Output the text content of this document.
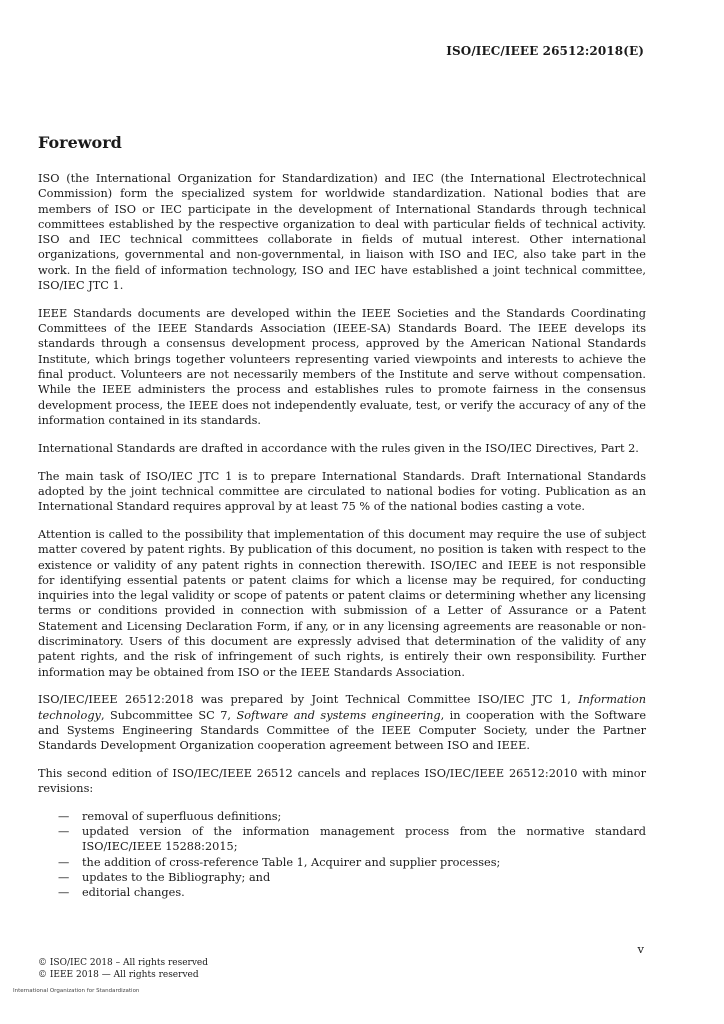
ISO/IEC/IEEE 26512:2018(E)
Foreword

ISO (the International Organization for Standardization) and IEC (the International Electrotechnical Commission) form the specialized system for worldwide standardization. National bodies that are members of ISO or IEC participate in the development of International Standards through technical committees established by the respective organization to deal with particular fields of technical activity. ISO and IEC technical committees collaborate in fields of mutual interest. Other international organizations, governmental and non-governmental, in liaison with ISO and IEC, also take part in the work. In the field of information technology, ISO and IEC have established a joint technical committee, ISO/IEC JTC 1.

IEEE Standards documents are developed within the IEEE Societies and the Standards Coordinating Committees of the IEEE Standards Association (IEEE-SA) Standards Board. The IEEE develops its standards through a consensus development process, approved by the American National Standards Institute, which brings together volunteers representing varied viewpoints and interests to achieve the final product. Volunteers are not necessarily members of the Institute and serve without compensation. While the IEEE administers the process and establishes rules to promote fairness in the consensus development process, the IEEE does not independently evaluate, test, or verify the accuracy of any of the information contained in its standards.

International Standards are drafted in accordance with the rules given in the ISO/IEC Directives, Part 2.

The main task of ISO/IEC JTC 1 is to prepare International Standards. Draft International Standards adopted by the joint technical committee are circulated to national bodies for voting. Publication as an International Standard requires approval by at least 75 % of the national bodies casting a vote.

Attention is called to the possibility that implementation of this document may require the use of subject matter covered by patent rights. By publication of this document, no position is taken with respect to the existence or validity of any patent rights in connection therewith. ISO/IEC and IEEE is not responsible for identifying essential patents or patent claims for which a license may be required, for conducting inquiries into the legal validity or scope of patents or patent claims or determining whether any licensing terms or conditions provided in connection with submission of a Letter of Assurance or a Patent Statement and Licensing Declaration Form, if any, or in any licensing agreements are reasonable or non-discriminatory. Users of this document are expressly advised that determination of the validity of any patent rights, and the risk of infringement of such rights, is entirely their own responsibility. Further information may be obtained from ISO or the IEEE Standards Association.

ISO/IEC/IEEE 26512:2018 was prepared by Joint Technical Committee ISO/IEC JTC 1, Information technology, Subcommittee SC 7, Software and systems engineering, in cooperation with the Software and Systems Engineering Standards Committee of the IEEE Computer Society, under the Partner Standards Development Organization cooperation agreement between ISO and IEEE.

This second edition of ISO/IEC/IEEE 26512 cancels and replaces ISO/IEC/IEEE 26512:2010 with minor revisions:

— removal of superfluous definitions;
— updated version of the information management process from the normative standard ISO/IEC/IEEE 15288:2015;
— the addition of cross-reference Table 1, Acquirer and supplier processes;
— updates to the Bibliography; and
— editorial changes.
v
© ISO/IEC 2018 – All rights reserved
© IEEE 2018 — All rights reserved
International Organization for Standardization
